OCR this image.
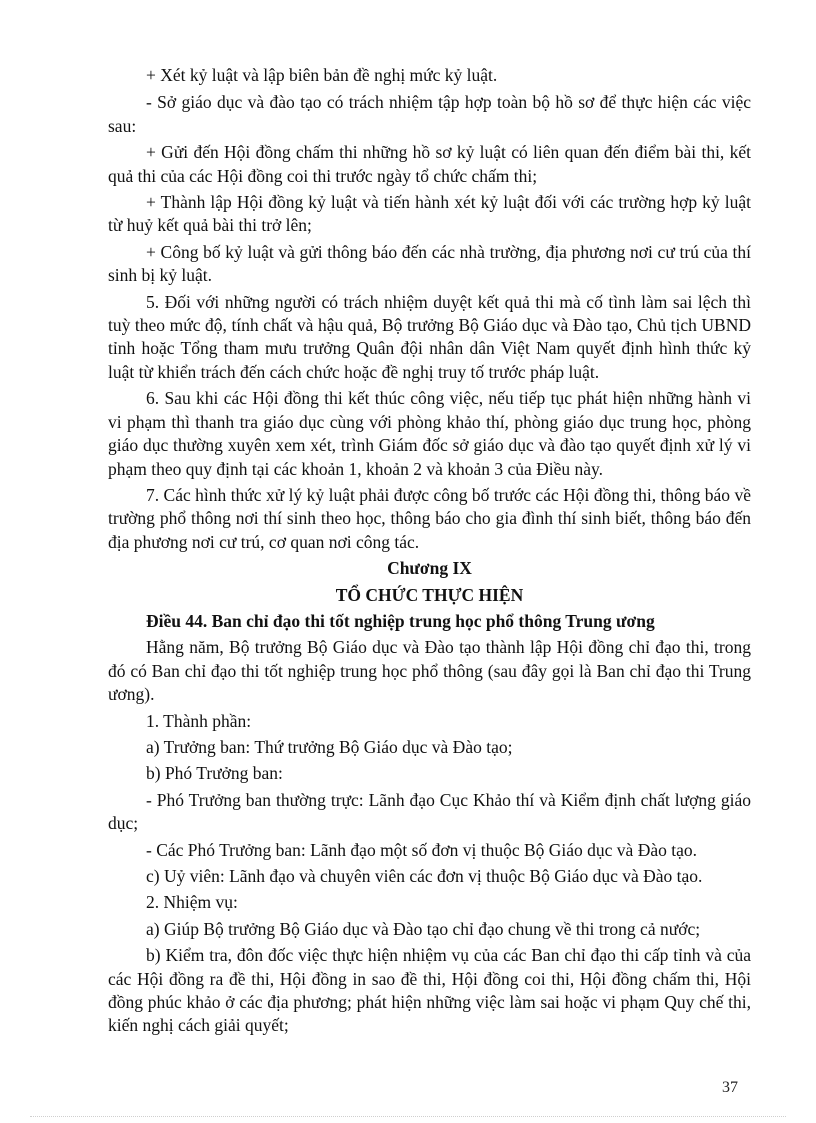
+ Xét kỷ luật và lập biên bản đề nghị mức kỷ luật.

- Sở giáo dục và đào tạo có trách nhiệm tập hợp toàn bộ hồ sơ để thực hiện các việc sau:

+ Gửi đến Hội đồng chấm thi những hồ sơ kỷ luật có liên quan đến điểm bài thi, kết quả thi của các Hội đồng coi thi trước ngày tổ chức chấm thi;

+ Thành lập Hội đồng kỷ luật và tiến hành xét kỷ luật đối với các trường hợp kỷ luật từ huỷ kết quả bài thi trở lên;

+ Công bố kỷ luật và gửi thông báo đến các nhà trường, địa phương nơi cư trú của thí sinh bị kỷ luật.

5. Đối với những người có trách nhiệm duyệt kết quả thi mà cố tình làm sai lệch thì tuỳ theo mức độ, tính chất và hậu quả, Bộ trưởng Bộ Giáo dục và Đào tạo, Chủ tịch UBND tỉnh hoặc Tổng tham mưu trưởng Quân đội nhân dân Việt Nam quyết định hình thức kỷ luật từ khiển trách đến cách chức hoặc đề nghị truy tố trước pháp luật.

6. Sau khi các Hội đồng thi kết thúc công việc, nếu tiếp tục phát hiện những hành vi vi phạm thì thanh tra giáo dục cùng với phòng khảo thí, phòng giáo dục trung học, phòng giáo dục thường xuyên xem xét, trình Giám đốc sở giáo dục và đào tạo quyết định xử lý vi phạm theo quy định tại các khoản 1, khoản 2 và khoản 3 của Điều này.

7. Các hình thức xử lý kỷ luật phải được công bố trước các Hội đồng thi, thông báo về trường phổ thông nơi thí sinh theo học, thông báo cho gia đình thí sinh biết, thông báo đến địa phương nơi cư trú, cơ quan nơi công tác.

Chương IX

TỔ CHỨC THỰC HIỆN

Điều 44. Ban chỉ đạo thi tốt nghiệp trung học phổ thông Trung ương

Hằng năm, Bộ trưởng Bộ Giáo dục và Đào tạo thành lập Hội đồng chỉ đạo thi, trong đó có Ban chỉ đạo thi tốt nghiệp trung học phổ thông (sau đây gọi là Ban chỉ đạo thi Trung ương).

1. Thành phần:

a) Trưởng ban: Thứ trưởng Bộ Giáo dục và Đào tạo;

b) Phó Trưởng ban:

- Phó Trưởng ban thường trực: Lãnh đạo Cục Khảo thí và Kiểm định chất lượng giáo dục;

- Các Phó Trưởng ban: Lãnh đạo một số đơn vị thuộc Bộ Giáo dục và Đào tạo.

c) Uỷ viên: Lãnh đạo và chuyên viên các đơn vị thuộc Bộ Giáo dục và Đào tạo.

2. Nhiệm vụ:

a) Giúp Bộ trưởng Bộ Giáo dục và Đào tạo chỉ đạo chung về thi trong cả nước;

b) Kiểm tra, đôn đốc việc thực hiện nhiệm vụ của các Ban chỉ đạo thi cấp tỉnh và của các Hội đồng ra đề thi, Hội đồng in sao đề thi, Hội đồng coi thi, Hội đồng chấm thi, Hội đồng phúc khảo ở các địa phương; phát hiện những việc làm sai hoặc vi phạm Quy chế thi, kiến nghị cách giải quyết;

37
